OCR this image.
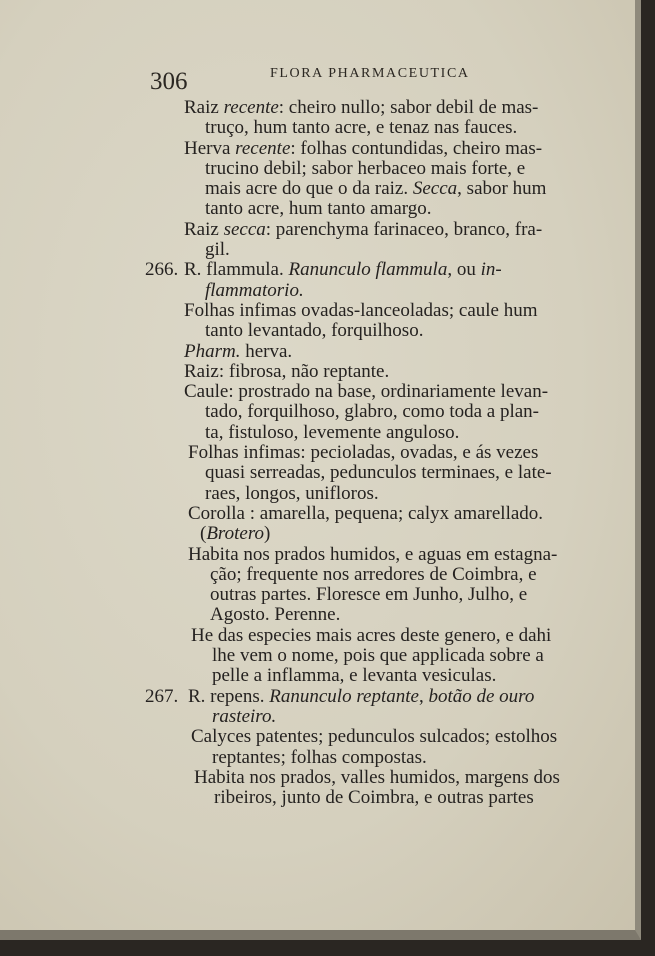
306	FLORA PHARMACEUTICA
Raiz recente: cheiro nullo; sabor debil de mas-
truço, hum tanto acre, e tenaz nas fauces.
Herva recente: folhas contundidas, cheiro mas-
trucino debil; sabor herbaceo mais forte, e
mais acre do que o da raiz. Secca, sabor hum
tanto acre, hum tanto amargo.
Raiz secca: parenchyma farinaceo, branco, fra-
gil.
266. R. flammula. Ranunculo flammula, ou in-
flammatorio.
Folhas infimas ovadas-lanceoladas; caule hum
tanto levantado, forquilhoso.
Pharm. herva.
Raiz: fibrosa, não reptante.
Caule: prostrado na base, ordinariamente levan-
tado, forquilhoso, glabro, como toda a plan-
ta, fistuloso, levemente anguloso.
Folhas infimas: pecioladas, ovadas, e ás vezes
quasi serreadas, pedunculos terminaes, e late-
raes, longos, unifloros.
Corolla : amarella, pequena; calyx amarellado.
(Brotero)
Habita nos prados humidos, e aguas em estagna-
ção; frequente nos arredores de Coimbra, e
outras partes. Floresce em Junho, Julho, e
Agosto. Perenne.
He das especies mais acres deste genero, e dahi
lhe vem o nome, pois que applicada sobre a
pelle a inflamma, e levanta vesiculas.
267. R. repens. Ranunculo reptante, botão de ouro
rasteiro.
Calyces patentes; pedunculos sulcados; estolhos
reptantes; folhas compostas.
Habita nos prados, valles humidos, margens dos
ribeiros, junto de Coimbra, e outras partes
